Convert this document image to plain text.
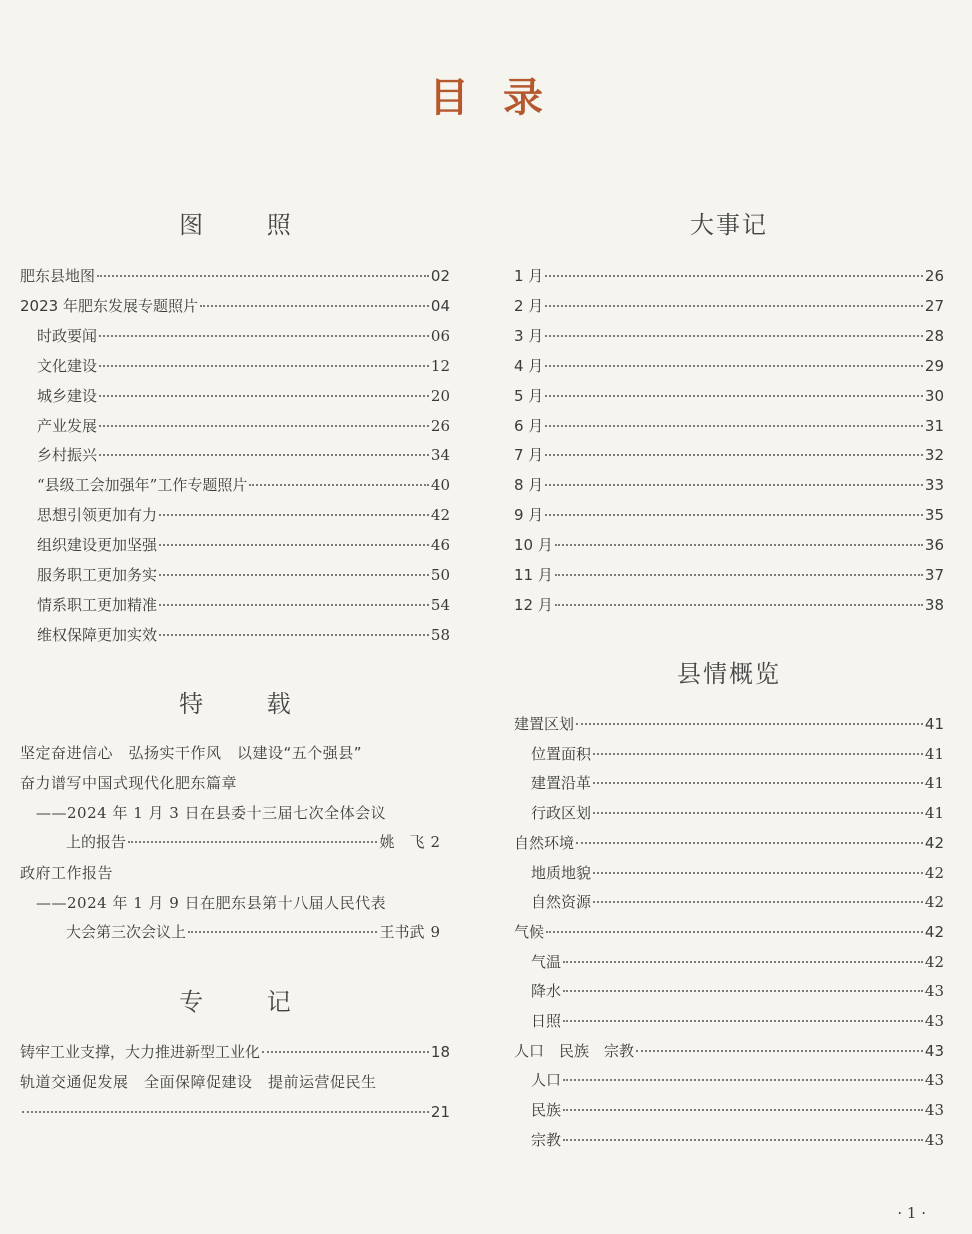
目录
图 照
肥东县地图	02
2023 年肥东发展专题照片	04
时政要闻	06
文化建设	12
城乡建设	20
产业发展	26
乡村振兴	34
“县级工会加强年”工作专题照片	40
思想引领更加有力	42
组织建设更加坚强	46
服务职工更加务实	50
情系职工更加精准	54
维权保障更加实效	58
特 载
坚定奋进信心　弘扬实干作风　以建设“五个强县”
奋力谱写中国式现代化肥东篇章
——2024 年 1 月 3 日在县委十三届七次全体会议
上的报告	姚　飞 2
政府工作报告
——2024 年 1 月 9 日在肥东县第十八届人民代表
大会第三次会议上	王书武 9
专 记
铸牢工业支撑，大力推进新型工业化	18
轨道交通促发展　全面保障促建设　提前运营促民生
21
大事记
1 月	26
2 月	27
3 月	28
4 月	29
5 月	30
6 月	31
7 月	32
8 月	33
9 月	35
10 月	36
11 月	37
12 月	38
县情概览
建置区划	41
位置面积	41
建置沿革	41
行政区划	41
自然环境	42
地质地貌	42
自然资源	42
气候	42
气温	42
降水	43
日照	43
人口　民族　宗教	43
人口	43
民族	43
宗教	43
· 1 ·
